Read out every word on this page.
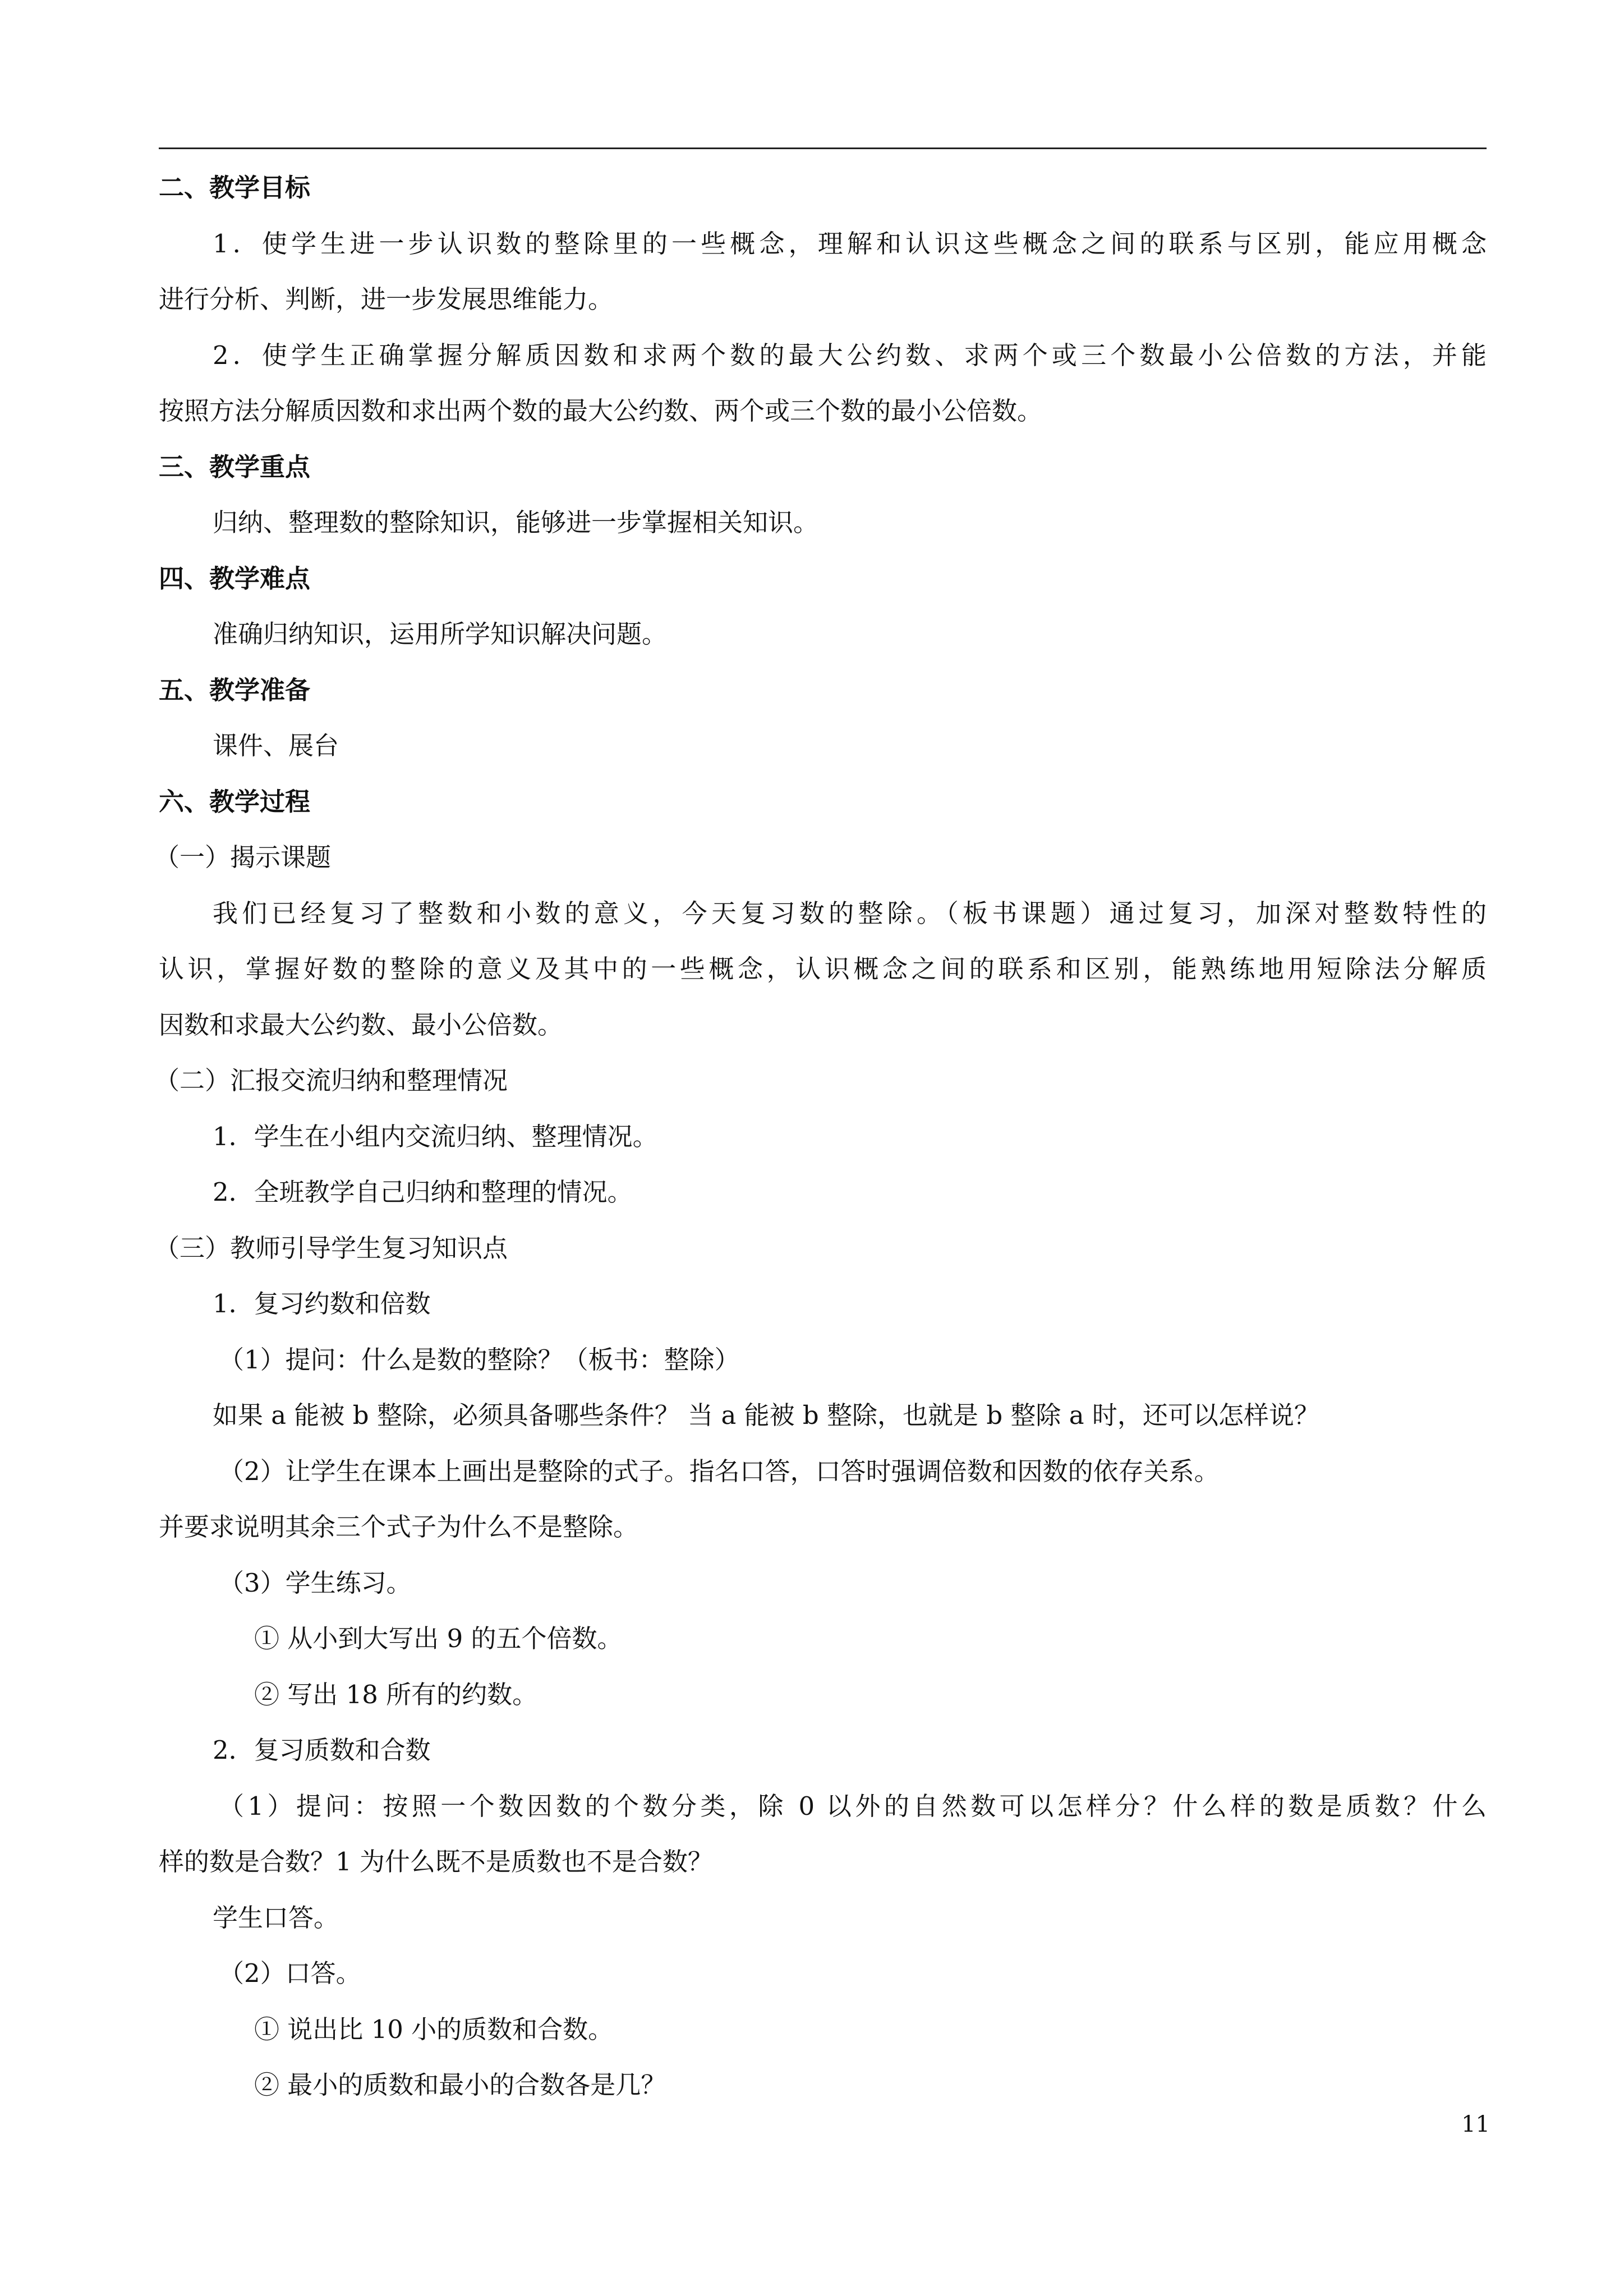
二、教学目标
1．使学生进一步认识数的整除里的一些概念，理解和认识这些概念之间的联系与区别，能应用概念
进行分析、判断，进一步发展思维能力。
2．使学生正确掌握分解质因数和求两个数的最大公约数、求两个或三个数最小公倍数的方法，并能
按照方法分解质因数和求出两个数的最大公约数、两个或三个数的最小公倍数。
三、教学重点
归纳、整理数的整除知识，能够进一步掌握相关知识。
四、教学难点
准确归纳知识，运用所学知识解决问题。
五、教学准备
课件、展台
六、教学过程
（一）揭示课题
我们已经复习了整数和小数的意义，今天复习数的整除。（板书课题）通过复习，加深对整数特性的
认识，掌握好数的整除的意义及其中的一些概念，认识概念之间的联系和区别，能熟练地用短除法分解质
因数和求最大公约数、最小公倍数。
（二）汇报交流归纳和整理情况
1．学生在小组内交流归纳、整理情况。
2．全班教学自己归纳和整理的情况。
（三）教师引导学生复习知识点
1．复习约数和倍数
（1）提问：什么是数的整除？（板书：整除）
如果 a 能被 b 整除，必须具备哪些条件？ 当 a 能被 b 整除，也就是 b 整除 a 时，还可以怎样说？
（2）让学生在课本上画出是整除的式子。指名口答，口答时强调倍数和因数的依存关系。
并要求说明其余三个式子为什么不是整除。
（3）学生练习。
① 从小到大写出 9 的五个倍数。
② 写出 18 所有的约数。
2．复习质数和合数
（1）提问：按照一个数因数的个数分类，除 0 以外的自然数可以怎样分？什么样的数是质数？什么
样的数是合数？1 为什么既不是质数也不是合数？
学生口答。
（2）口答。
① 说出比 10 小的质数和合数。
② 最小的质数和最小的合数各是几？
11
